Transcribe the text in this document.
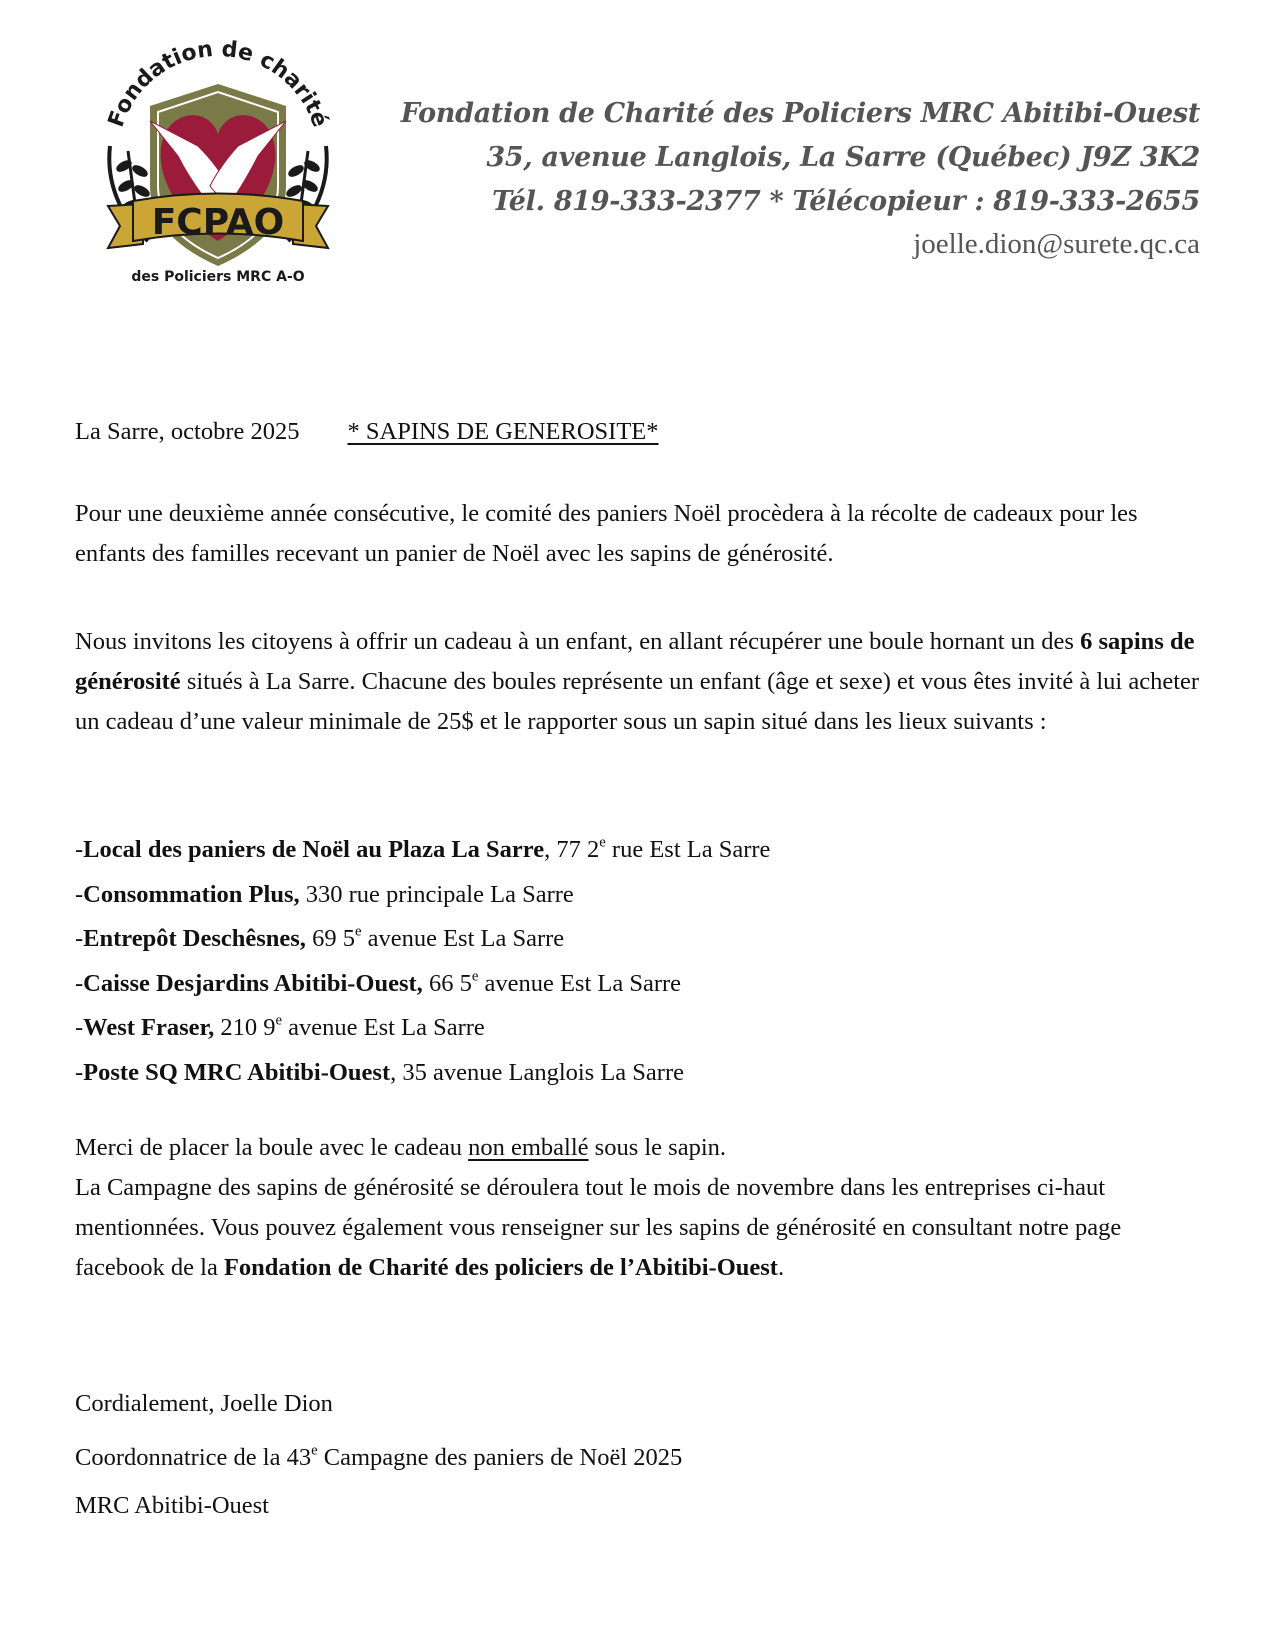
FCPAO
Fondation de charité
des Policiers MRC A-O
Fondation de Charité des Policiers MRC Abitibi-Ouest
35, avenue Langlois, La Sarre (Québec) J9Z 3K2
Tél. 819-333-2377 * Télécopieur : 819-333-2655
joelle.dion@surete.qc.ca
La Sarre, octobre 2025 * SAPINS DE GENEROSITE*

Pour une deuxième année consécutive, le comité des paniers Noël procèdera à la récolte de cadeaux pour les enfants des familles recevant un panier de Noël avec les sapins de générosité.

Nous invitons les citoyens à offrir un cadeau à un enfant, en allant récupérer une boule hornant un des 6 sapins de générosité situés à La Sarre. Chacune des boules représente un enfant (âge et sexe) et vous êtes invité à lui acheter un cadeau d’une valeur minimale de 25$ et le rapporter sous un sapin situé dans les lieux suivants :

-Local des paniers de Noël au Plaza La Sarre, 77 2e rue Est La Sarre
-Consommation Plus, 330 rue principale La Sarre
-Entrepôt Deschêsnes, 69 5e avenue Est La Sarre
-Caisse Desjardins Abitibi-Ouest, 66 5e avenue Est La Sarre
-West Fraser, 210 9e avenue Est La Sarre
-Poste SQ MRC Abitibi-Ouest, 35 avenue Langlois La Sarre

Merci de placer la boule avec le cadeau non emballé sous le sapin.

La Campagne des sapins de générosité se déroulera tout le mois de novembre dans les entreprises ci-haut mentionnées. Vous pouvez également vous renseigner sur les sapins de générosité en consultant notre page facebook de la Fondation de Charité des policiers de l’Abitibi-Ouest.

Cordialement, Joelle Dion

Coordonnatrice de la 43e Campagne des paniers de Noël 2025

MRC Abitibi-Ouest
